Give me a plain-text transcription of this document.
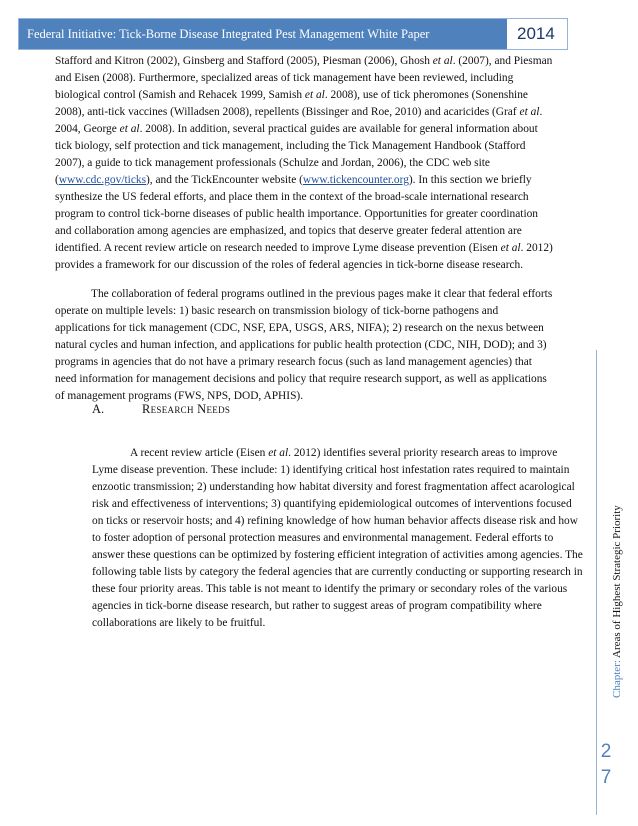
Federal Initiative: Tick-Borne Disease Integrated Pest Management White Paper	2014

Stafford and Kitron (2002), Ginsberg and Stafford (2005), Piesman (2006), Ghosh et al. (2007), and Piesman and Eisen (2008). Furthermore, specialized areas of tick management have been reviewed, including biological control (Samish and Rehacek 1999, Samish et al. 2008), use of tick pheromones (Sonenshine 2008), anti-tick vaccines (Willadsen 2008), repellents (Bissinger and Roe, 2010) and acaricides (Graf et al. 2004, George et al. 2008). In addition, several practical guides are available for general information about tick biology, self protection and tick management, including the Tick Management Handbook (Stafford 2007), a guide to tick management professionals (Schulze and Jordan, 2006), the CDC web site (www.cdc.gov/ticks), and the TickEncounter website (www.tickencounter.org). In this section we briefly synthesize the US federal efforts, and place them in the context of the broad-scale international research program to control tick-borne diseases of public health importance. Opportunities for greater coordination and collaboration among agencies are emphasized, and topics that deserve greater federal attention are identified. A recent review article on research needed to improve Lyme disease prevention (Eisen et al. 2012) provides a framework for our discussion of the roles of federal agencies in tick-borne disease research.

The collaboration of federal programs outlined in the previous pages make it clear that federal efforts operate on multiple levels: 1) basic research on transmission biology of tick-borne pathogens and applications for tick management (CDC, NSF, EPA, USGS, ARS, NIFA); 2) research on the nexus between natural cycles and human infection, and applications for public health protection (CDC, NIH, DOD); and 3) programs in agencies that do not have a primary research focus (such as land management agencies) that need information for management decisions and policy that require research support, as well as applications of management programs (FWS, NPS, DOD, APHIS).

A.	Research Needs

A recent review article (Eisen et al. 2012) identifies several priority research areas to improve Lyme disease prevention. These include: 1) identifying critical host infestation rates required to maintain enzootic transmission; 2) understanding how habitat diversity and forest fragmentation affect acarological risk and effectiveness of interventions; 3) quantifying epidemiological outcomes of interventions focused on ticks or reservoir hosts; and 4) refining knowledge of how human behavior affects disease risk and how to foster adoption of personal protection measures and environmental management. Federal efforts to answer these questions can be optimized by fostering efficient integration of activities among agencies. The following table lists by category the federal agencies that are currently conducting or supporting research in these four priority areas. This table is not meant to identify the primary or secondary roles of the various agencies in tick-borne disease research, but rather to suggest areas of program compatibility where collaborations are likely to be fruitful.

Chapter: Areas of Highest Strategic Priority
2
7
